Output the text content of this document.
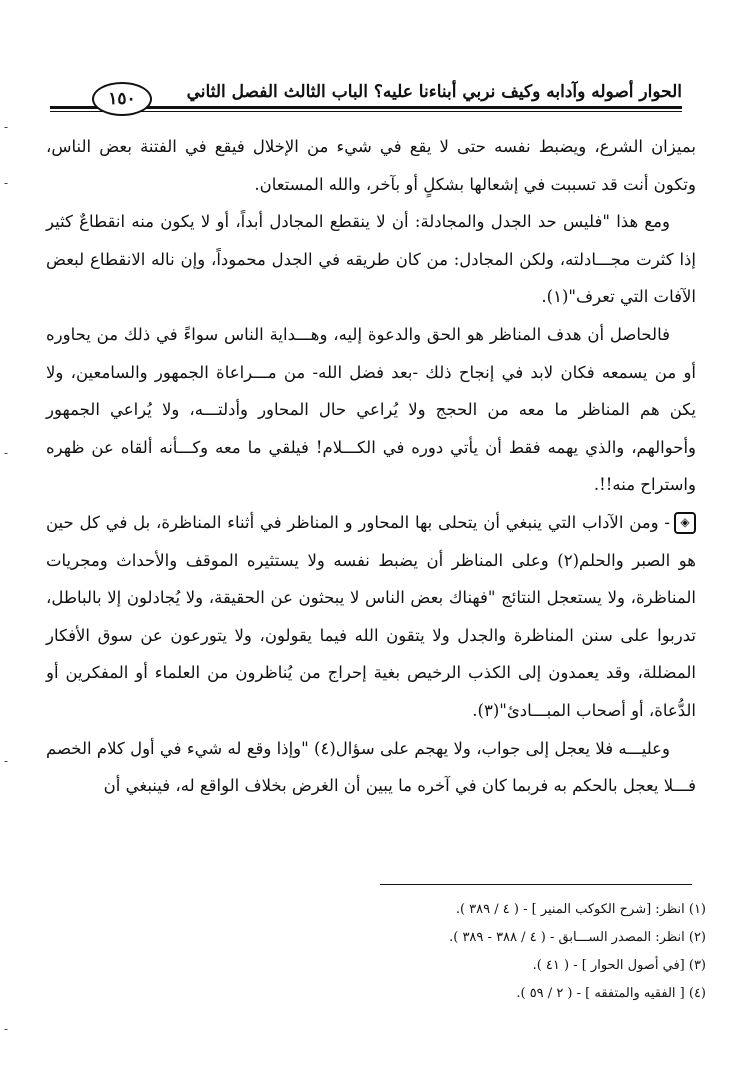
الحوار أصوله وآدابه وكيف نربي أبناءنا عليه؟ الباب الثالث الفصل الثاني
١٥٠
-
-
-
-
-

بميزان الشرع، ويضبط نفسه حتى لا يقع في شيء من الإخلال فيقع في الفتنة بعض الناس، وتكون أنت قد تسببت في إشعالها بشكلٍ أو بآخر، والله المستعان.

ومع هذا "فليس حد الجدل والمجادلة: أن لا ينقطع المجادل أبداً، أو لا يكون منه انقطاعٌ كثير إذا كثرت مجـــادلته، ولكن المجادل: من كان طريقه في الجدل محموداً، وإن ناله الانقطاع لبعض الآفات التي تعرف"(١).

فالحاصل أن هدف المناظر هو الحق والدعوة إليه، وهـــداية الناس سواءً في ذلك من يحاوره أو من يسمعه فكان لابد في إنجاح ذلك -بعد فضل الله- من مـــراعاة الجمهور والسامعين، ولا يكن هم المناظر ما معه من الحجج ولا يُراعي حال المحاور وأدلتـــه، ولا يُراعي الجمهور وأحوالهم، والذي يهمه فقط أن يأتي دوره في الكـــلام! فيلقي ما معه وكـــأنه ألقاه عن ظهره واستراح منه!!.

◈- ومن الآداب التي ينبغي أن يتحلى بها المحاور و المناظر في أثناء المناظرة، بل في كل حين هو الصبر والحلم(٢) وعلى المناظر أن يضبط نفسه ولا يستثيره الموقف والأحداث ومجريات المناظرة، ولا يستعجل النتائج "فهناك بعض الناس لا يبحثون عن الحقيقة، ولا يُجادلون إلا بالباطل، تدربوا على سنن المناظرة والجدل ولا يتقون الله فيما يقولون، ولا يتورعون عن سوق الأفكار المضللة، وقد يعمدون إلى الكذب الرخيص بغية إحراج من يُناظرون من العلماء أو المفكرين أو الدُّعاة، أو أصحاب المبـــادئ"(٣).

وعليـــه فلا يعجل إلى جواب، ولا يهجم على سؤال(٤) "وإذا وقع له شيء في أول كلام الخصم فـــلا يعجل بالحكم به فربما كان في آخره ما يبين أن الغرض بخلاف الواقع له، فينبغي أن

(١) انظر: [شرح الكوكب المنير ] - ( ٤ / ٣٨٩ ).
(٢) انظر: المصدر الســـابق - ( ٤ / ٣٨٨ - ٣٨٩ ).
(٣) [في أصول الحوار ] - ( ٤١ ).
(٤) [ الفقيه والمتفقه ] - ( ٢ / ٥٩ ).
